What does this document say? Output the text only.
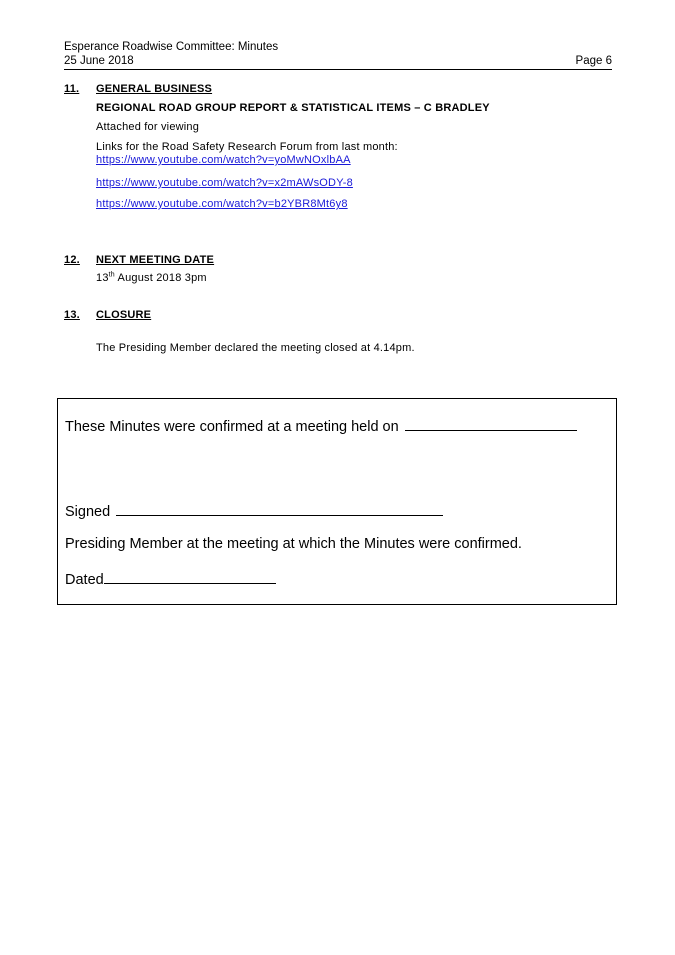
Esperance Roadwise Committee: Minutes
25 June 2018	Page 6
11.	GENERAL BUSINESS
REGIONAL ROAD GROUP REPORT & STATISTICAL ITEMS – C BRADLEY
Attached for viewing
Links for the Road Safety Research Forum from last month:
https://www.youtube.com/watch?v=yoMwNOxlbAA
https://www.youtube.com/watch?v=x2mAWsODY-8
https://www.youtube.com/watch?v=b2YBR8Mt6y8
12.	NEXT MEETING DATE
13th August 2018 3pm
13.	CLOSURE
The Presiding Member declared the meeting closed at 4.14pm.
These Minutes were confirmed at a meeting held on
Signed
Presiding Member at the meeting at which the Minutes were confirmed.
Dated
